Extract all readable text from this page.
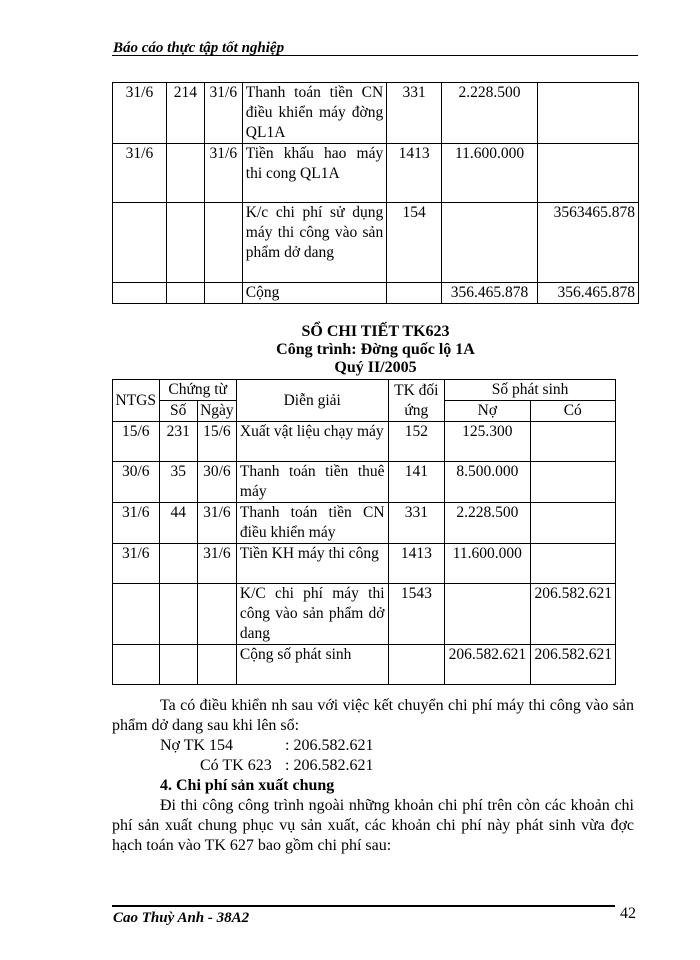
Báo cáo thực tập tốt nghiệp
31/6	214	31/6	Thanh toán tiền CN điều khiển máy đờng QL1A	331	2.228.500	
31/6		31/6	Tiền khấu hao máy thi cong QL1A	1413	11.600.000	
			K/c chi phí sử dụng máy thi công vào sản phẩm dở dang	154		3563465.878
			Cộng		356.465.878	356.465.878
SỔ CHI TIẾT TK623
Công trình: Đờng quốc lộ 1A
Quý II/2005
NTGS	Chứng từ		Diễn giải	TK đối ứng	Số phát sinh	
	Số	Ngày			Nợ	Có
15/6	231	15/6	Xuất vật liệu chạy máy	152	125.300	
30/6	35	30/6	Thanh toán tiền thuê máy	141	8.500.000	
31/6	44	31/6	Thanh toán tiền CN điều khiển máy	331	2.228.500	
31/6		31/6	Tiền KH máy thi công	1413	11.600.000	
			K/C chi phí máy thi công vào sản phẩm dở dang	1543		206.582.621
			Cộng số phát sinh		206.582.621	206.582.621
Ta có điều khiển nh sau với việc kết chuyển chi phí máy thi công vào sản phẩm dở dang sau khi lên sổ:
Nợ TK 154	: 206.582.621
Có TK 623 : 206.582.621
4. Chi phí sản xuất chung
Đi thi công công trình ngoài những khoản chi phí trên còn các khoản chi phí sản xuất chung phục vụ sản xuất, các khoản chi phí này phát sinh vừa đợc hạch toán vào TK 627 bao gồm chi phí sau:
Cao Thuỳ Anh - 38A2	42
